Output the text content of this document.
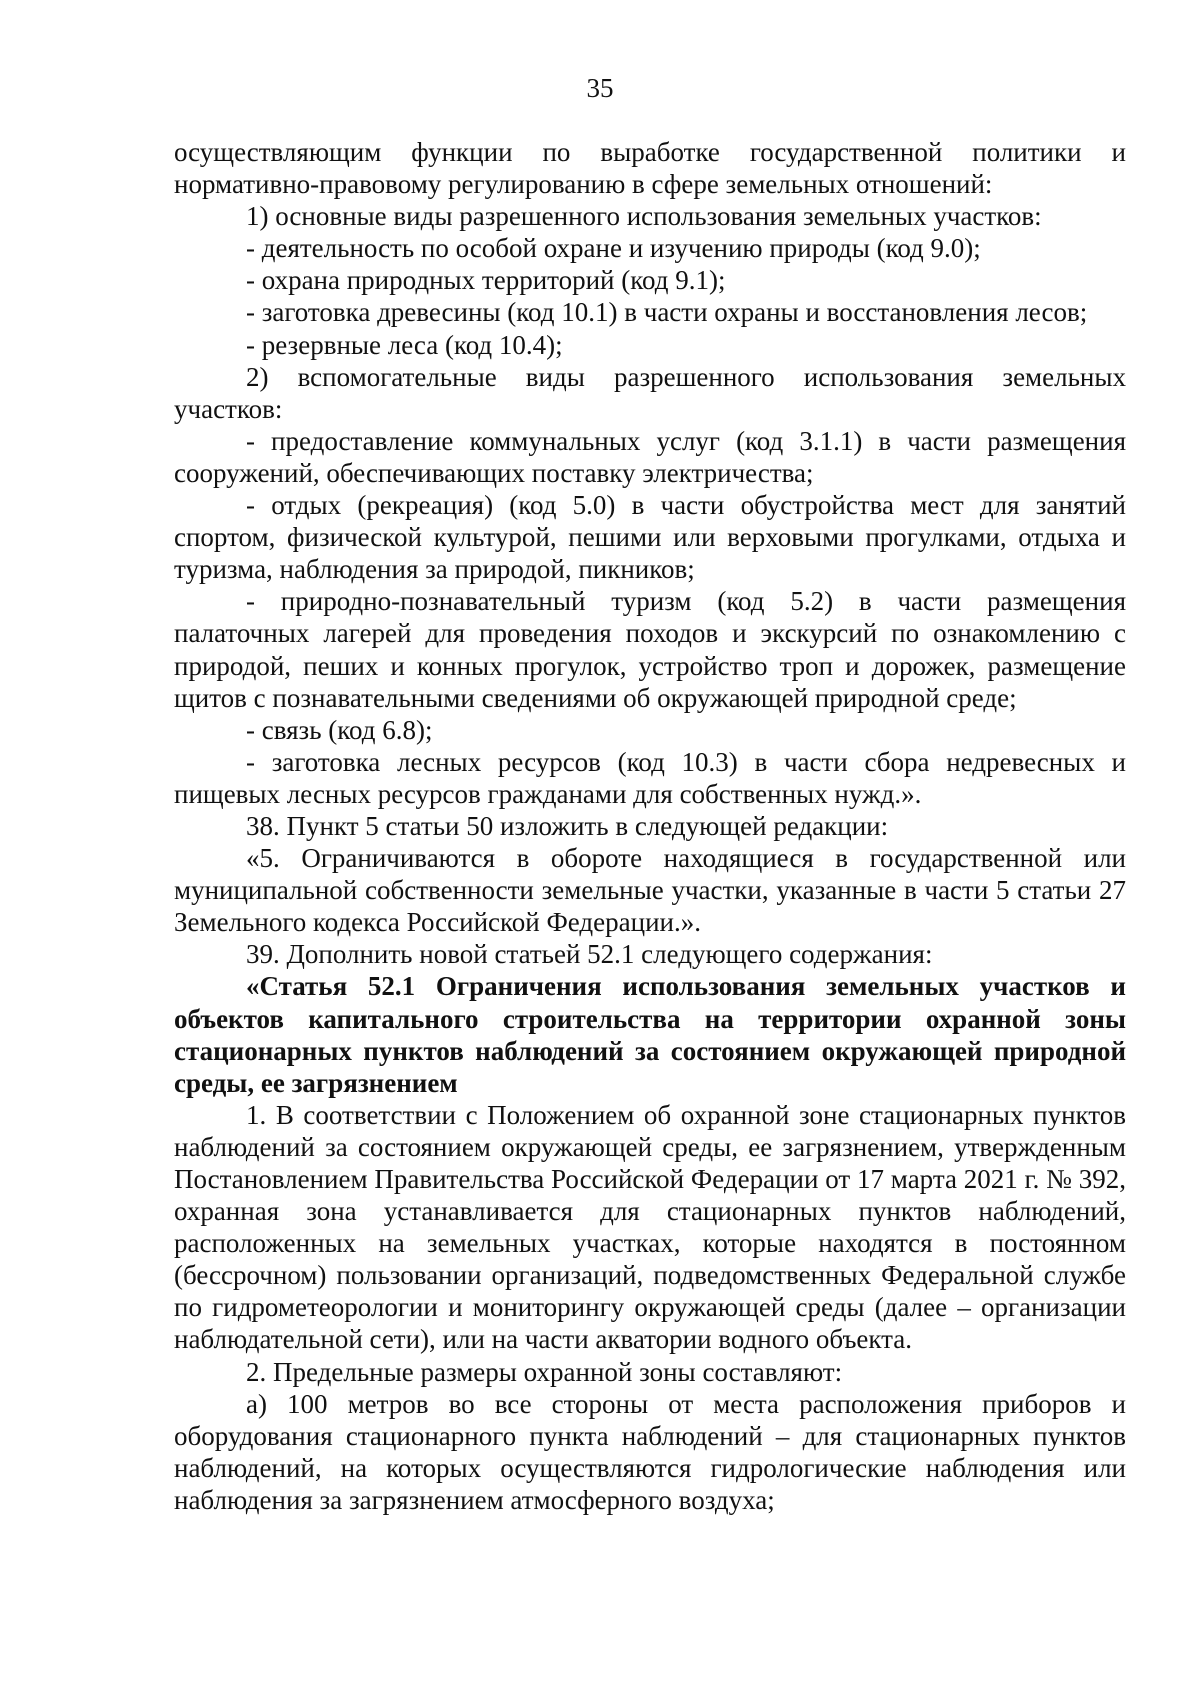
35

осуществляющим функции по выработке государственной политики и нормативно-правовому регулированию в сфере земельных отношений:

1) основные виды разрешенного использования земельных участков:

- деятельность по особой охране и изучению природы (код 9.0);

- охрана природных территорий (код 9.1);

- заготовка древесины (код 10.1) в части охраны и восстановления лесов;

- резервные леса (код 10.4);

2) вспомогательные виды разрешенного использования земельных участков:

- предоставление коммунальных услуг (код 3.1.1) в части размещения сооружений, обеспечивающих поставку электричества;

- отдых (рекреация) (код 5.0) в части обустройства мест для занятий спортом, физической культурой, пешими или верховыми прогулками, отдыха и туризма, наблюдения за природой, пикников;

- природно-познавательный туризм (код 5.2) в части размещения палаточных лагерей для проведения походов и экскурсий по ознакомлению с природой, пеших и конных прогулок, устройство троп и дорожек, размещение щитов с познавательными сведениями об окружающей природной среде;

- связь (код 6.8);

- заготовка лесных ресурсов (код 10.3) в части сбора недревесных и пищевых лесных ресурсов гражданами для собственных нужд.».

38. Пункт 5 статьи 50 изложить в следующей редакции:

«5. Ограничиваются в обороте находящиеся в государственной или муниципальной собственности земельные участки, указанные в части 5 статьи 27 Земельного кодекса Российской Федерации.».

39. Дополнить новой статьей 52.1 следующего содержания:

«Статья 52.1 Ограничения использования земельных участков и объектов капитального строительства на территории охранной зоны стационарных пунктов наблюдений за состоянием окружающей природной среды, ее загрязнением

1. В соответствии с Положением об охранной зоне стационарных пунктов наблюдений за состоянием окружающей среды, ее загрязнением, утвержденным Постановлением Правительства Российской Федерации от 17 марта 2021 г. № 392, охранная зона устанавливается для стационарных пунктов наблюдений, расположенных на земельных участках, которые находятся в постоянном (бессрочном) пользовании организаций, подведомственных Федеральной службе по гидрометеорологии и мониторингу окружающей среды (далее – организации наблюдательной сети), или на части акватории водного объекта.

2. Предельные размеры охранной зоны составляют:

а) 100 метров во все стороны от места расположения приборов и оборудования стационарного пункта наблюдений – для стационарных пунктов наблюдений, на которых осуществляются гидрологические наблюдения или наблюдения за загрязнением атмосферного воздуха;
